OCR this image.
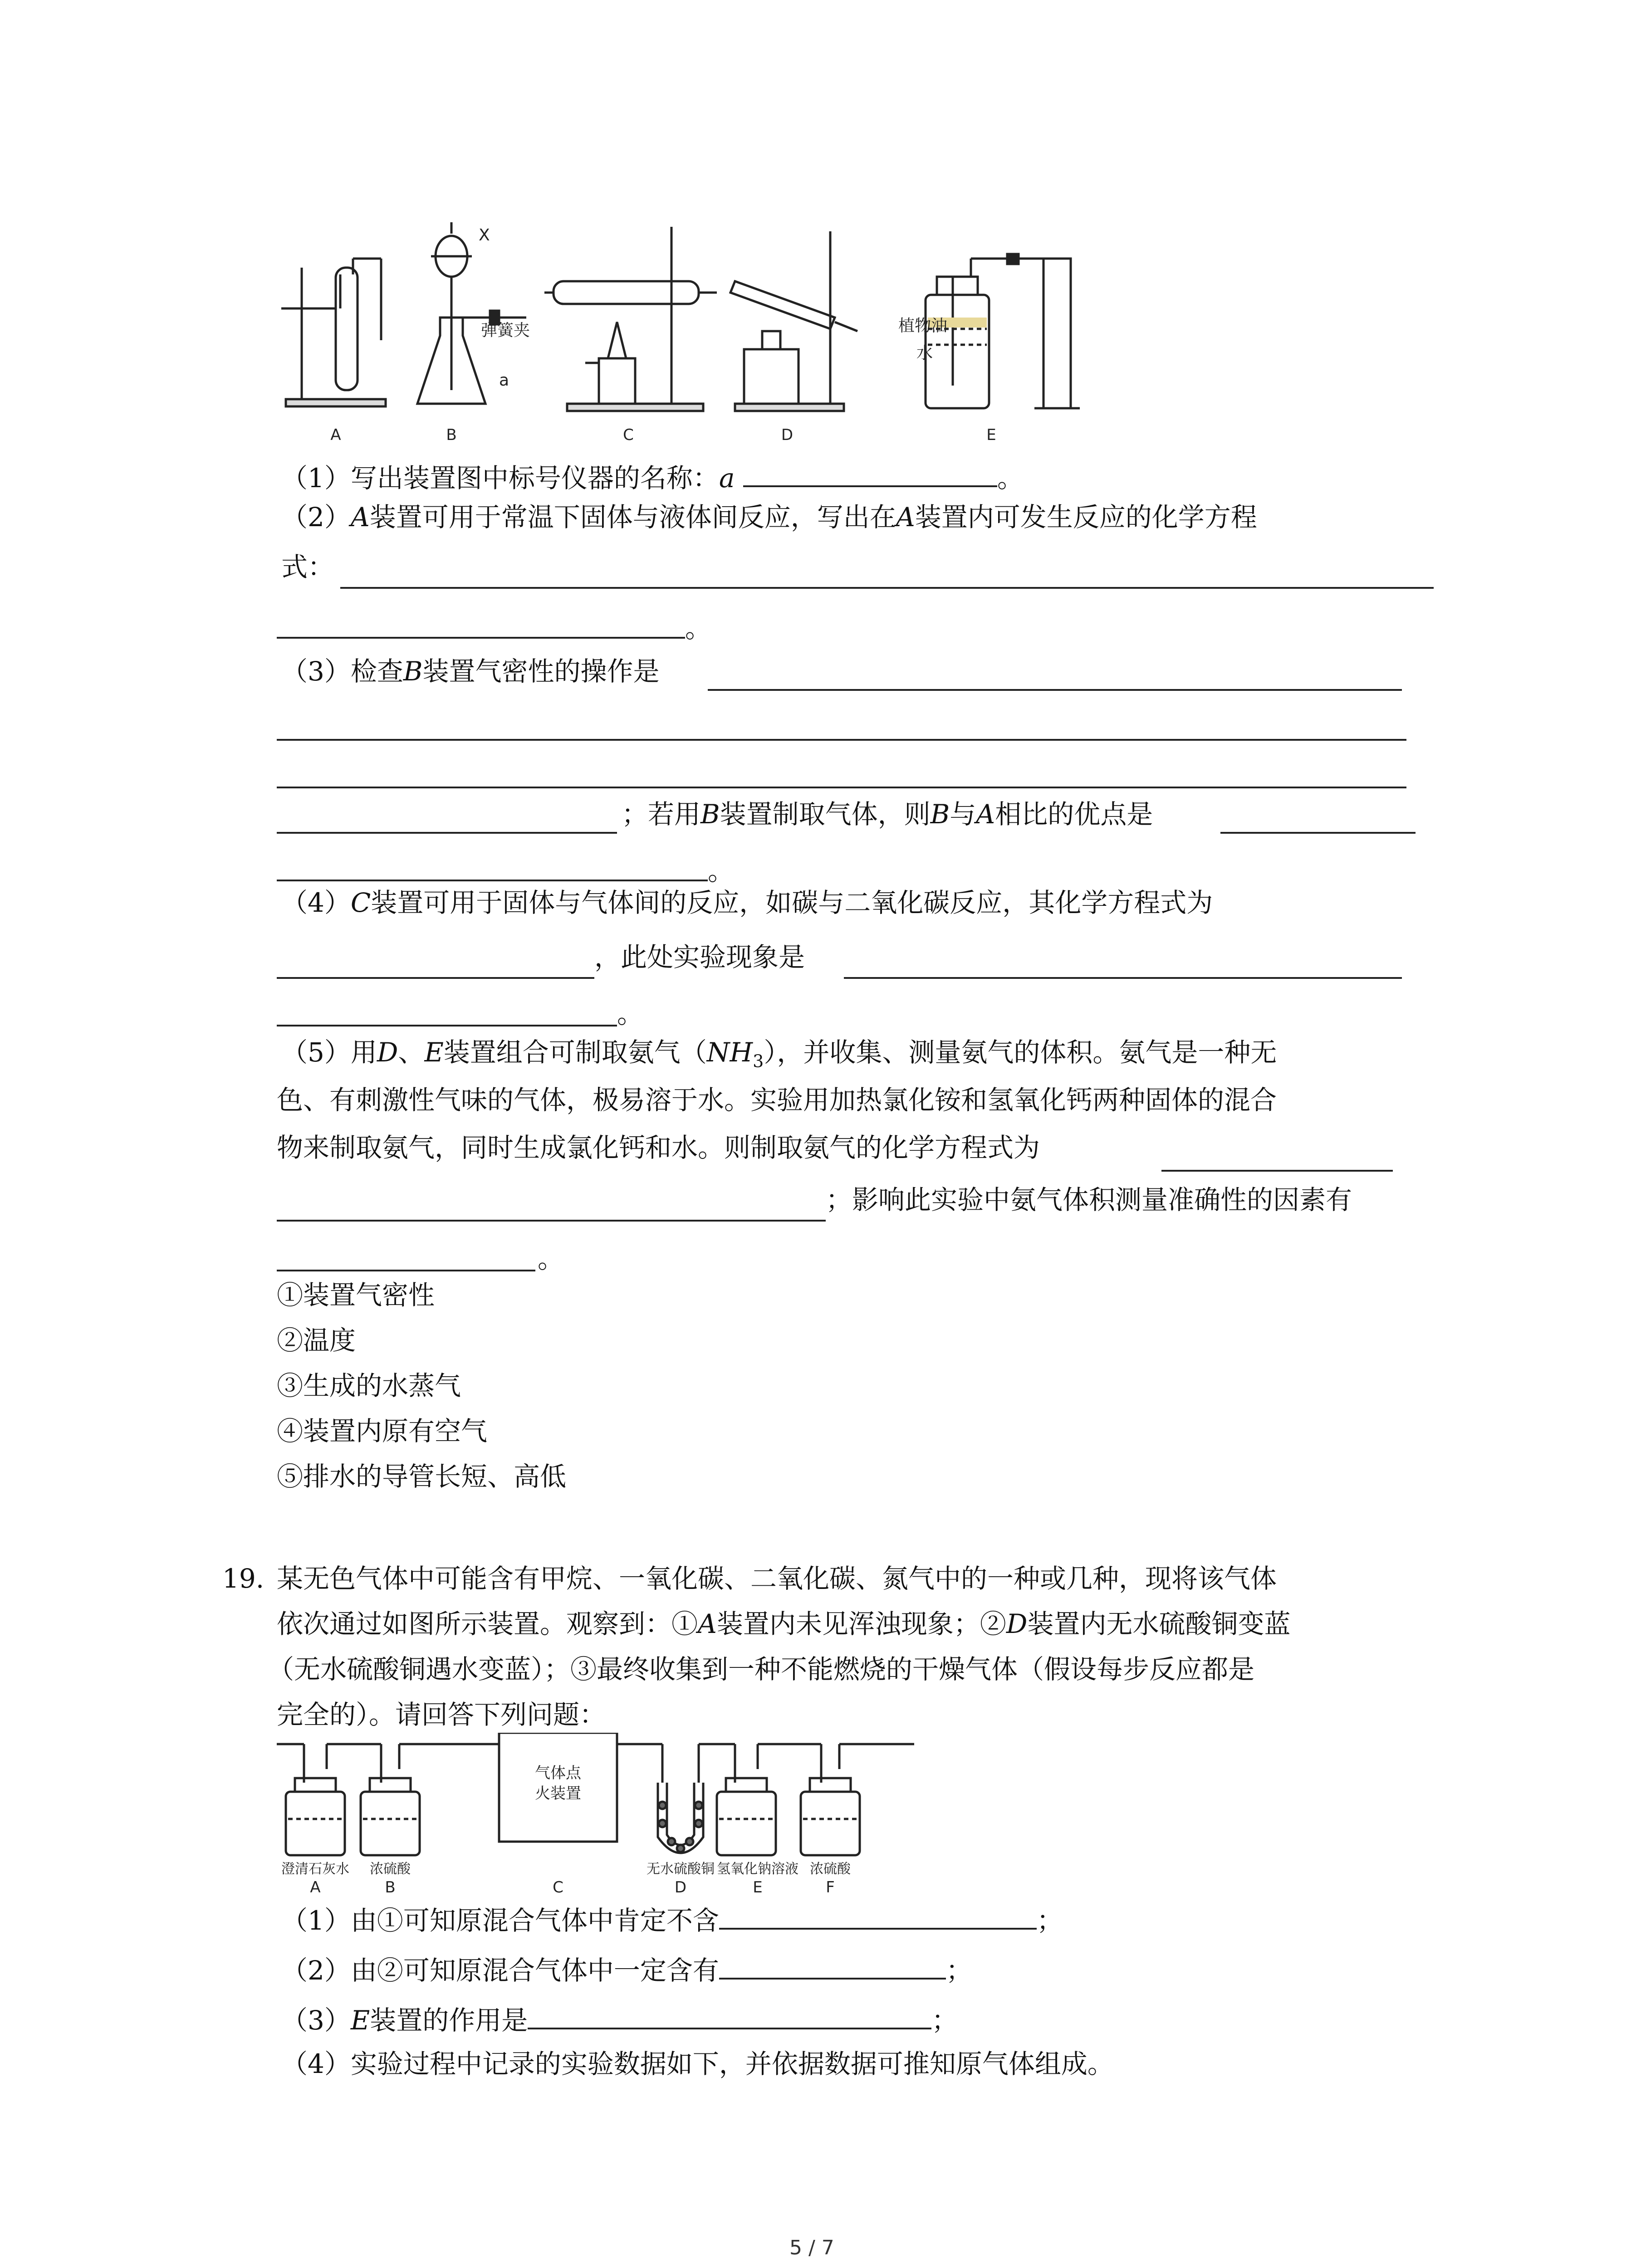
X
弹簧夹
a
植物油
水
A	B	C	D	E
（1）写出装置图中标号仪器的名称：a	。
（2）A装置可用于常温下固体与液体间反应，写出在A装置内可发生反应的化学方程
式：
。
（3）检查B装置气密性的操作是
；若用B装置制取气体，则B与A相比的优点是
。
（4）C装置可用于固体与气体间的反应，如碳与二氧化碳反应，其化学方程式为
，此处实验现象是
。
（5）用D、E装置组合可制取氨气$(NH_3)$，并收集、测量氨气的体积。氨气是一种无
色、有刺激性气味的气体，极易溶于水。实验用加热氯化铵和氢氧化钙两种固体的混合
物来制取氨气，同时生成氯化钙和水。则制取氨气的化学方程式为
；影响此实验中氨气体积测量准确性的因素有
。
①装置气密性
②温度
③生成的水蒸气
④装置内原有空气
⑤排水的导管长短、高低
19. 某无色气体中可能含有甲烷、一氧化碳、二氧化碳、氮气中的一种或几种，现将该气体
依次通过如图所示装置。观察到：①A装置内未见浑浊现象；②D装置内无水硫酸铜变蓝
（无水硫酸铜遇水变蓝）；③最终收集到一种不能燃烧的干燥气体（假设每步反应都是
完全的）。请回答下列问题：
气体点
火装置
澄清石灰水 浓硫酸	无水硫酸铜 氢氧化钠溶液 浓硫酸
A	B	C	D	E	F
（1）由①可知原混合气体中肯定不含	；
（2）由②可知原混合气体中一定含有	；
（3）E装置的作用是	；
（4）实验过程中记录的实验数据如下，并依据数据可推知原气体组成。
5 / 7
